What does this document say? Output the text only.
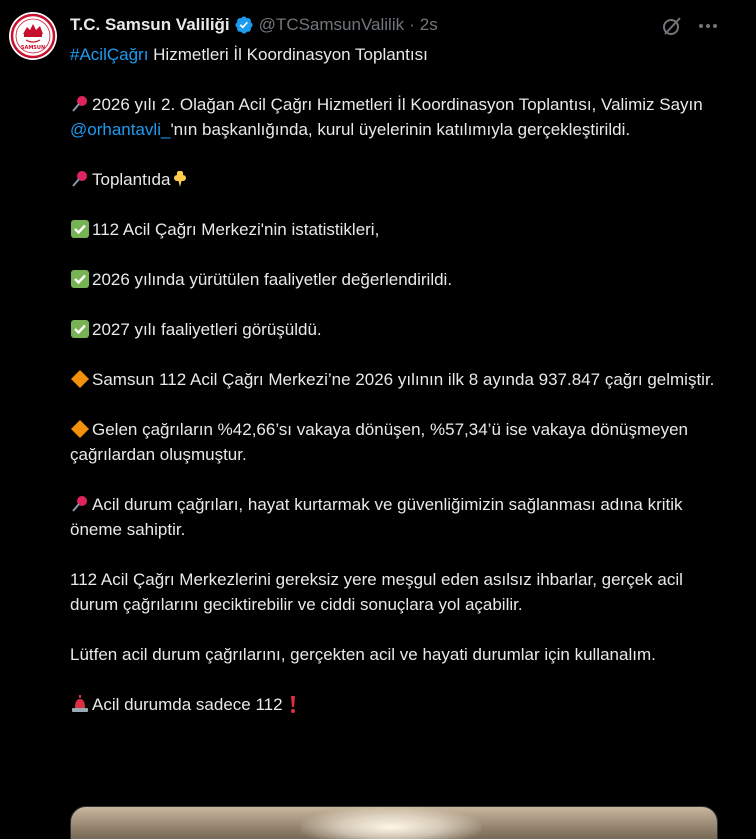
SAMSUN
T.C. Samsun Valiliği @TCSamsunValilik · 2s

#AcilÇağrı Hizmetleri İl Koordinasyon Toplantısı

2026 yılı 2. Olağan Acil Çağrı Hizmetleri İl Koordinasyon Toplantısı, Valimiz Sayın @orhantavli_'nın başkanlığında, kurul üyelerinin katılımıyla gerçekleştirildi.

Toplantıda

112 Acil Çağrı Merkezi'nin istatistikleri,

2026 yılında yürütülen faaliyetler değerlendirildi.

2027 yılı faaliyetleri görüşüldü.

Samsun 112 Acil Çağrı Merkezi’ne 2026 yılının ilk 8 ayında 937.847 çağrı gelmiştir.

Gelen çağrıların %42,66’sı vakaya dönüşen, %57,34’ü ise vakaya dönüşmeyen çağrılardan oluşmuştur.

Acil durum çağrıları, hayat kurtarmak ve güvenliğimizin sağlanması adına kritik öneme sahiptir.

112 Acil Çağrı Merkezlerini gereksiz yere meşgul eden asılsız ihbarlar, gerçek acil durum çağrılarını geciktirebilir ve ciddi sonuçlara yol açabilir.

Lütfen acil durum çağrılarını, gerçekten acil ve hayati durumlar için kullanalım.

Acil durumda sadece 112
